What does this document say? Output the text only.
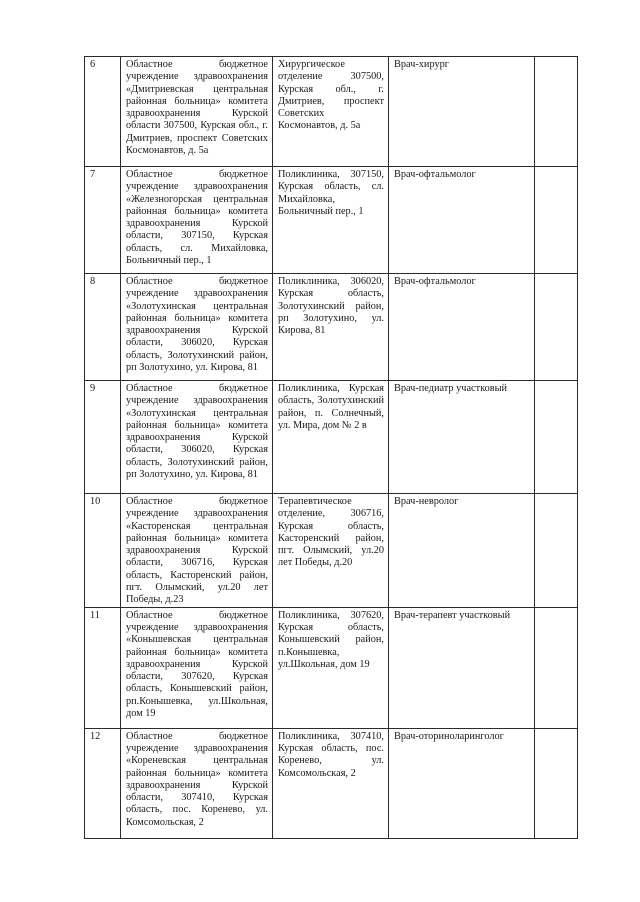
6	Областное бюджетное учреждение здравоохранения «Дмитриевская центральная районная больница» комитета здравоохранения Курской области 307500, Курская обл., г. Дмитриев, проспект Советских Космонавтов, д. 5а	Хирургическое отделение 307500, Курская обл., г. Дмитриев, проспект Советских Космонавтов, д. 5а	Врач-хирург	
7	Областное бюджетное учреждение здравоохранения «Железногорская центральная районная больница» комитета здравоохранения Курской области, 307150, Курская область, сл. Михайловка, Больничный пер., 1	Поликлиника, 307150, Курская область, сл. Михайловка, Больничный пер., 1	Врач-офтальмолог	
8	Областное бюджетное учреждение здравоохранения «Золотухинская центральная районная больница» комитета здравоохранения Курской области, 306020, Курская область, Золотухинский район, рп Золотухино, ул. Кирова, 81	Поликлиника, 306020, Курская область, Золотухинский район, рп Золотухино, ул. Кирова, 81	Врач-офтальмолог	
9	Областное бюджетное учреждение здравоохранения «Золотухинская центральная районная больница» комитета здравоохранения Курской области, 306020, Курская область, Золотухинский район, рп Золотухино, ул. Кирова, 81	Поликлиника, Курская область, Золотухинский район, п. Солнечный, ул. Мира, дом № 2 в	Врач-педиатр участковый	
10	Областное бюджетное учреждение здравоохранения «Касторенская центральная районная больница» комитета здравоохранения Курской области, 306716, Курская область, Касторенский район, пгт. Олымский, ул.20 лет Победы, д.23	Терапевтическое отделение, 306716, Курская область, Касторенский район, пгт. Олымский, ул.20 лет Победы, д.20	Врач-невролог	
11	Областное бюджетное учреждение здравоохранения «Конышевская центральная районная больница» комитета здравоохранения Курской области, 307620, Курская область, Конышевский район, рп.Конышевка, ул.Школьная, дом 19	Поликлиника, 307620, Курская область, Конышевский район, п.Конышевка, ул.Школьная, дом 19	Врач-терапевт участковый	
12	Областное бюджетное учреждение здравоохранения «Кореневская центральная районная больница» комитета здравоохранения Курской области, 307410, Курская область, пос. Коренево, ул. Комсомольская, 2	Поликлиника, 307410, Курская область, пос. Коренево, ул. Комсомольская, 2	Врач-оториноларинголог	
